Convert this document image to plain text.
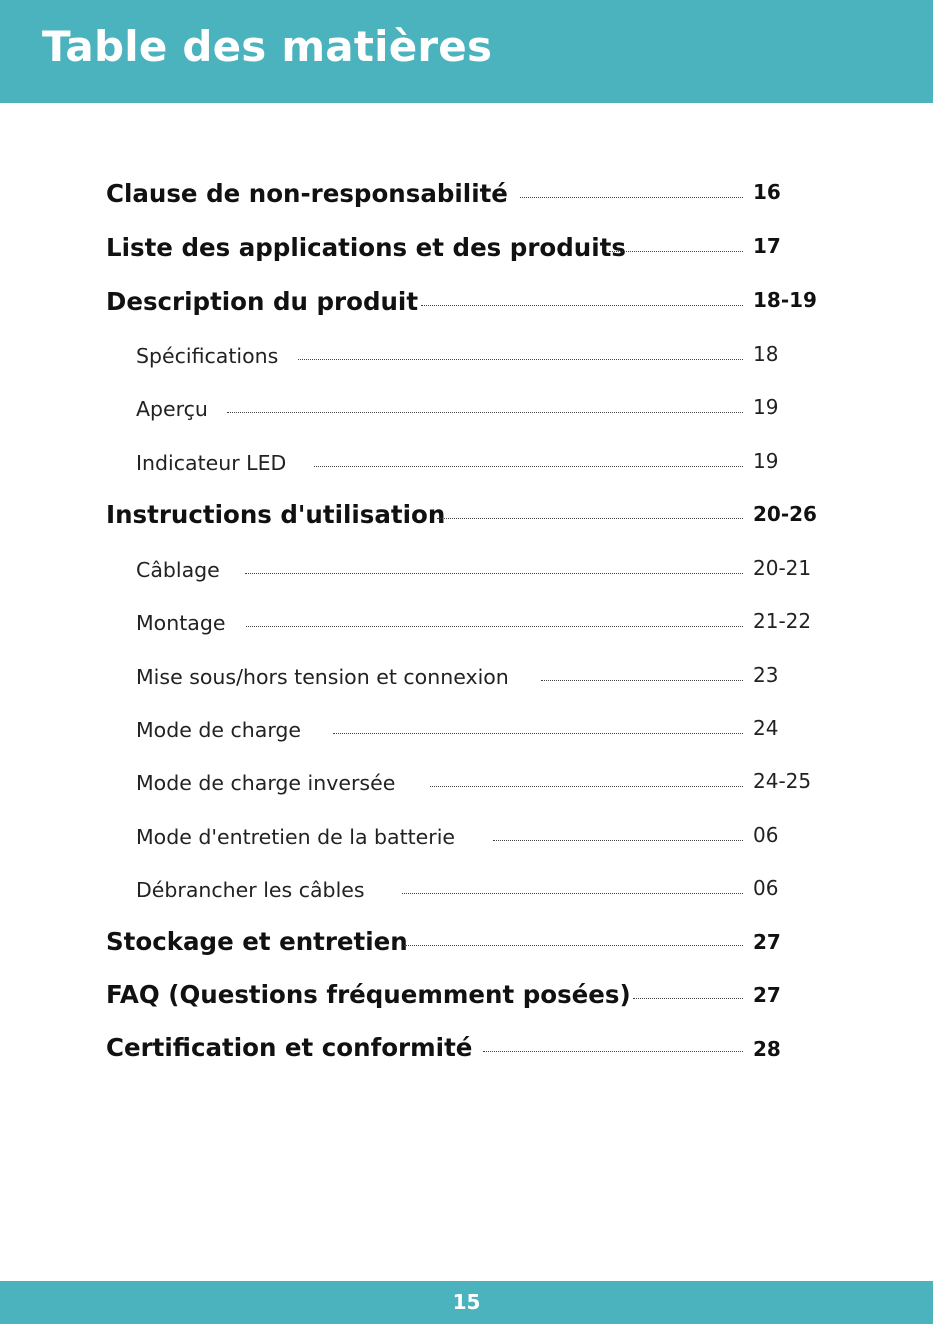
Table des matières
Clause de non-responsabilité	16
Liste des applications et des produits	17
Description du produit	18-19
Spécifications	18
Aperçu	19
Indicateur LED	19
Instructions d'utilisation	20-26
Câblage	20-21
Montage	21-22
Mise sous/hors tension et connexion	23
Mode de charge	24
Mode de charge inversée	24-25
Mode d'entretien de la batterie	06
Débrancher les câbles	06
Stockage et entretien	27
FAQ (Questions fréquemment posées)	27
Certification et conformité	28
15
